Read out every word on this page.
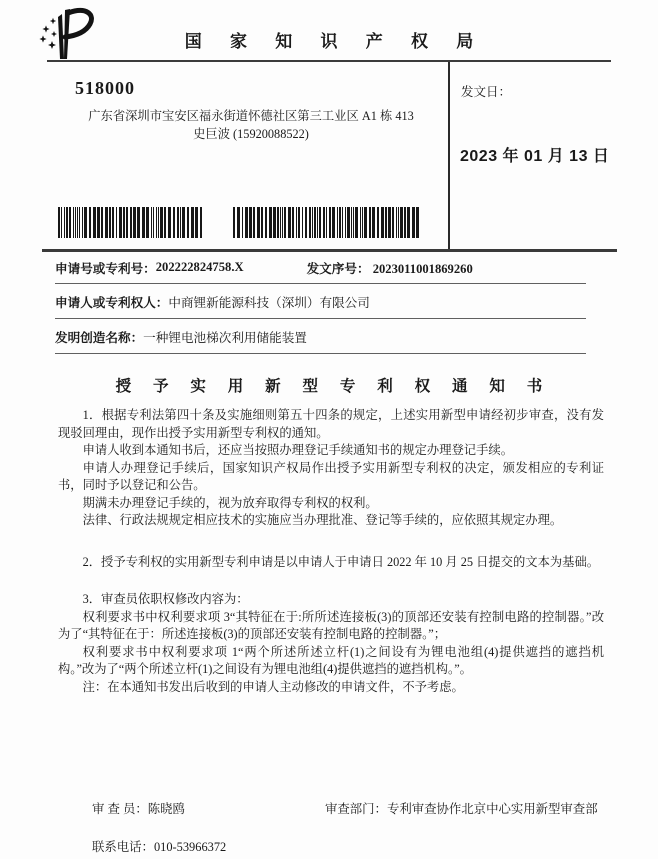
国 家 知 识 产 权 局
518000
广东省深圳市宝安区福永街道怀德社区第三工业区 A1 栋 413
史巨波 (15920088522)
发文日：
2023 年 01 月 13 日
申请号或专利号： 202222824758.X	发文序号： 2023011001869260
申请人或专利权人： 中商锂新能源科技（深圳）有限公司
发明创造名称： 一种锂电池梯次利用储能装置
授 予 实 用 新 型 专 利 权 通 知 书

1．根据专利法第四十条及实施细则第五十四条的规定，上述实用新型申请经初步审查，没有发现驳回理由，现作出授予实用新型专利权的通知。

申请人收到本通知书后，还应当按照办理登记手续通知书的规定办理登记手续。

申请人办理登记手续后，国家知识产权局作出授予实用新型专利权的决定，颁发相应的专利证书，同时予以登记和公告。

期满未办理登记手续的，视为放弃取得专利权的权利。

法律、行政法规规定相应技术的实施应当办理批准、登记等手续的，应依照其规定办理。

2．授予专利权的实用新型专利申请是以申请人于申请日 2022 年 10 月 25 日提交的文本为基础。

3．审查员依职权修改内容为：

权利要求书中权利要求项 3“其特征在于:所所述连接板(3)的顶部还安装有控制电路的控制器。”改为了“其特征在于：所述连接板(3)的顶部还安装有控制电路的控制器。”；

权利要求书中权利要求项 1“两个所述所述立杆(1)之间设有为锂电池组(4)提供遮挡的遮挡机构。”改为了“两个所述立杆(1)之间设有为锂电池组(4)提供遮挡的遮挡机构。”。

注：在本通知书发出后收到的申请人主动修改的申请文件，不予考虑。

审 查 员：陈晓鸥	审查部门：专利审查协作北京中心实用新型审查部
联系电话：010-53966372
